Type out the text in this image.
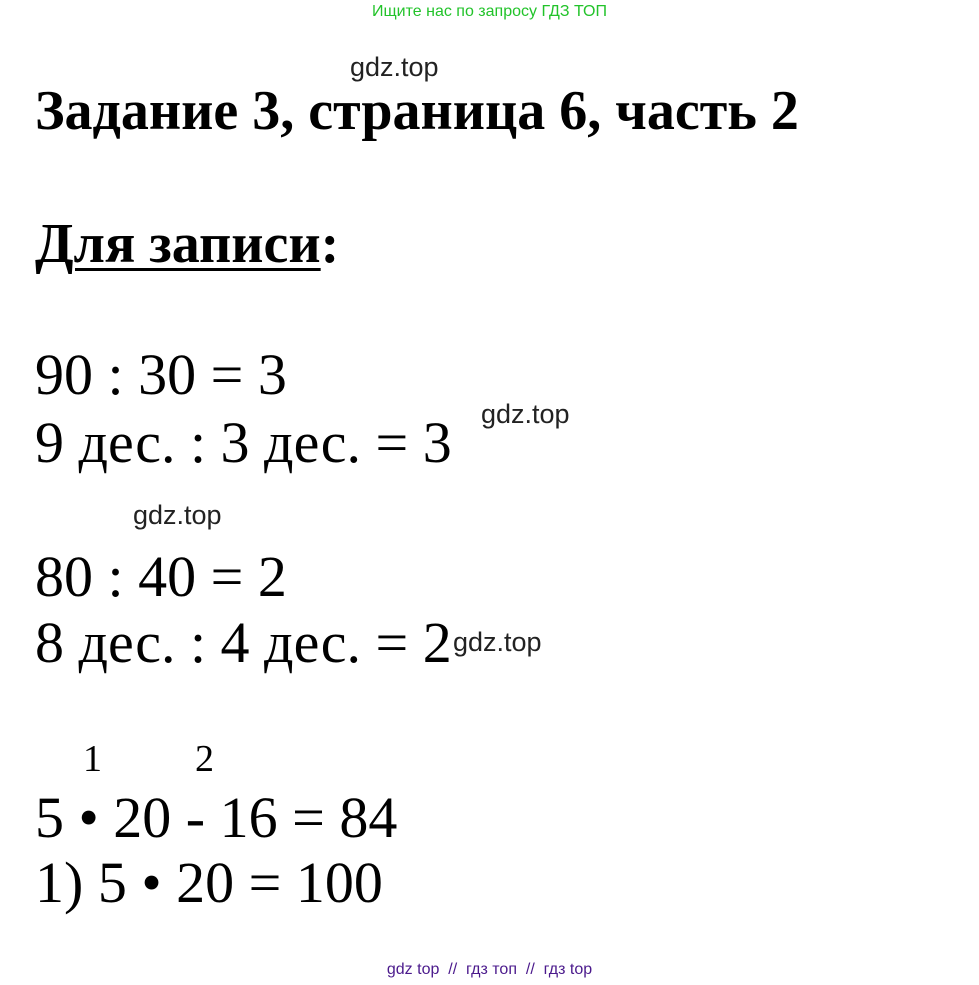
Ищите нас по запросу ГДЗ ТОП
gdz.top
Задание 3, страница 6, часть 2
Для записи:
90 : 30 = 3
gdz.top
9 дес. : 3 дес. = 3
gdz.top
80 : 40 = 2
8 дес. : 4 дес. = 2 gdz.top
1 2
5 • 20 - 16 = 84
1) 5 • 20 = 100
gdz top  //  гдз топ  //  гдз top
